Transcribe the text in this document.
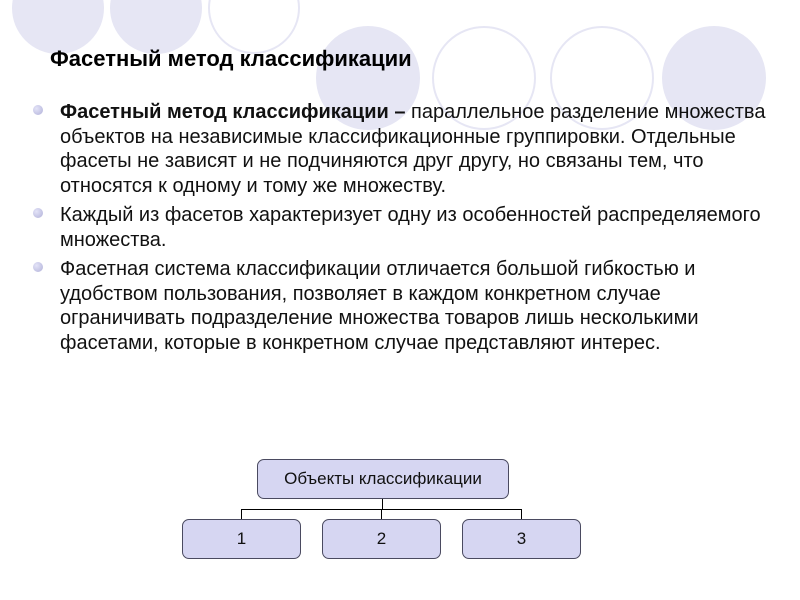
Фасетный метод классификации
Фасетный метод классификации – параллельное разделение множества объектов на независимые классификационные группировки. Отдельные фасеты не зависят и не подчиняются друг другу, но связаны тем, что относятся к одному и тому же множеству.
Каждый из фасетов характеризует одну из особенностей распределяемого множества.
Фасетная система классификации отличается большой гибкостью и удобством пользования, позволяет в каждом конкретном случае ограничивать подразделение множества товаров лишь несколькими фасетами, которые в конкретном случае представляют интерес.
Объекты классификации
1	2	3
